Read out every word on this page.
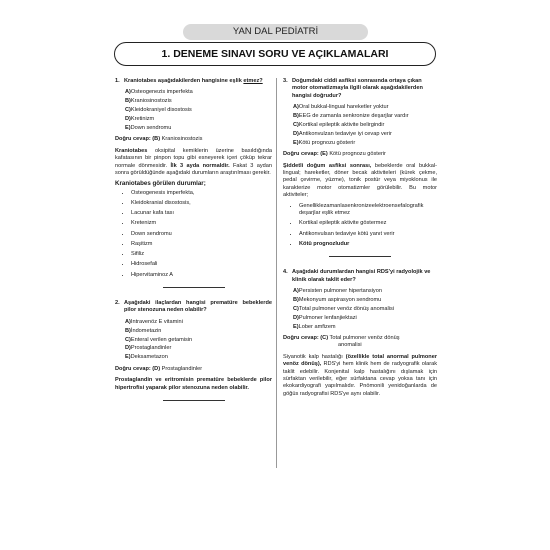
YAN DAL PEDİATRİ
1. DENEME SINAVI SORU VE AÇIKLAMALARI
1. Kraniotabes aşağıdakilerden hangisine eşlik etmez?
A)Osteogenezis imperfekta
B)Kraniosinostozis
C)Kleidokraniyel disostosis
D)Kretinizm
E)Down sendromu
Doğru cevap: (B) Kraniosinostozis
Kraniotabes oksipital kemiklerin üzerine basıldığında kafatasının bir pinpon topu gibi esneyerek içeri çöküp tekrar normale dönmesidir. İlk 3 ayda normaldir. Fakat 3 aydan sonra görüldüğünde aşağıdaki durumların araştırılması gerekir.
Kraniotabes görülen durumlar;
• Osteogenesis imperfekta,
• Kleidokranial disostosis,
• Lacunar kafa tası
• Kretenizm
• Down sendromu
• Raşitizm
• Sifiliz
• Hidrosefali
• Hipervitaminoz A
2. Aşağıdaki ilaçlardan hangisi prematüre bebeklerde pilor stenozuna neden olabilir?
A)Intravenöz E vitamini
B)İndometazin
C)Enteral verilen getamisin
D)Prostaglandinler
E)Deksametazon
Doğru cevap: (D) Prostaglandinler
Prostaglandin ve eritromisin prematüre bebeklerde pilor hipertrofisi yaparak pilor stenozuna neden olabilir.
3. Doğumdaki ciddi asfiksi sonrasında ortaya çıkan motor otomatizmayla ilgili olarak aşağıdakilerden hangisi doğrudur?
A)Oral bukkal-lingual hareketler yoktur
B)EEG de zamanla senkronize deşarjlar vardır
C)Kortikal epileptik aktivite belirgindir
D)Antikonvulzan tedaviye iyi cevap verir
E)Kötü prognozu gösterir
Doğru cevap: (E) Kötü prognozu gösterir
Şiddetli doğum asfiksi sonrası, bebeklerde oral bukkal-lingual; hareketler, döner becak aktiviteleri (kürek çekme, pedal çevirme, yüzme), tonik postür veya miyoklonus ile karakterize motor otomatizmler görülebilir. Bu motor aktiviteler;
• Genelliklezamanlasenkronizeelektroensefalografik deşarjlar eşlik etmez
• Kortikal epileptik aktivite göstermez
• Antikonvulsan tedaviye kötü yanıt verir
• Kötü prognozludur
4. Aşağıdaki durumlardan hangisi RDS'yi radyolojik ve klinik olarak taklit eder?
A)Persisten pulmoner hipertansiyon
B)Mekonyum aspirasyon sendromu
C)Total pulmoner venöz dönüş anomalisi
D)Pulmoner lenfanjiektazi
E)Lober amfizem
Doğru cevap: (C) Total pulmoner venöz dönüş
anomalisi
Siyanotik kalp hastalığı (özellikle total anormal pulmoner venöz dönüş), RDS'yi hem klinik hem de radyografik olarak taklit edebilir. Konjenital kalp hastalığını dışlamak için sürfaktan verilebilir, eğer sürfaktana cevap yoksa tanı için ekokardiyografi yapılmalıdır. Pnömonili yenidoğanlarda de göğüs radyografisi RDS'ye aynı olabilir.
